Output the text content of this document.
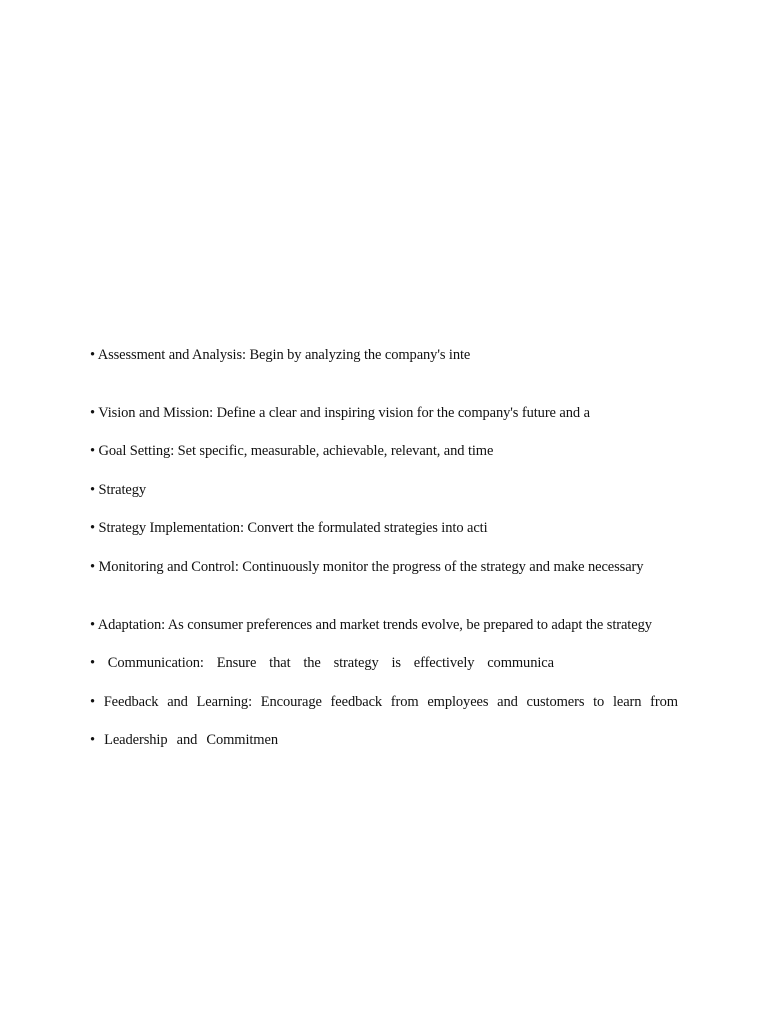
• Assessment and Analysis: Begin by analyzing the company's inte
• Vision and Mission: Define a clear and inspiring vision for the company's future and a
• Goal Setting: Set specific, measurable, achievable, relevant, and time
• Strategy
• Strategy Implementation: Convert the formulated strategies into acti
• Monitoring and Control: Continuously monitor the progress of the strategy and make necessary
• Adaptation: As consumer preferences and market trends evolve, be prepared to adapt the strategy
• Communication: Ensure that the strategy is effectively communica
• Feedback and Learning: Encourage feedback from employees and customers to learn from
• Leadership and Commitmen
